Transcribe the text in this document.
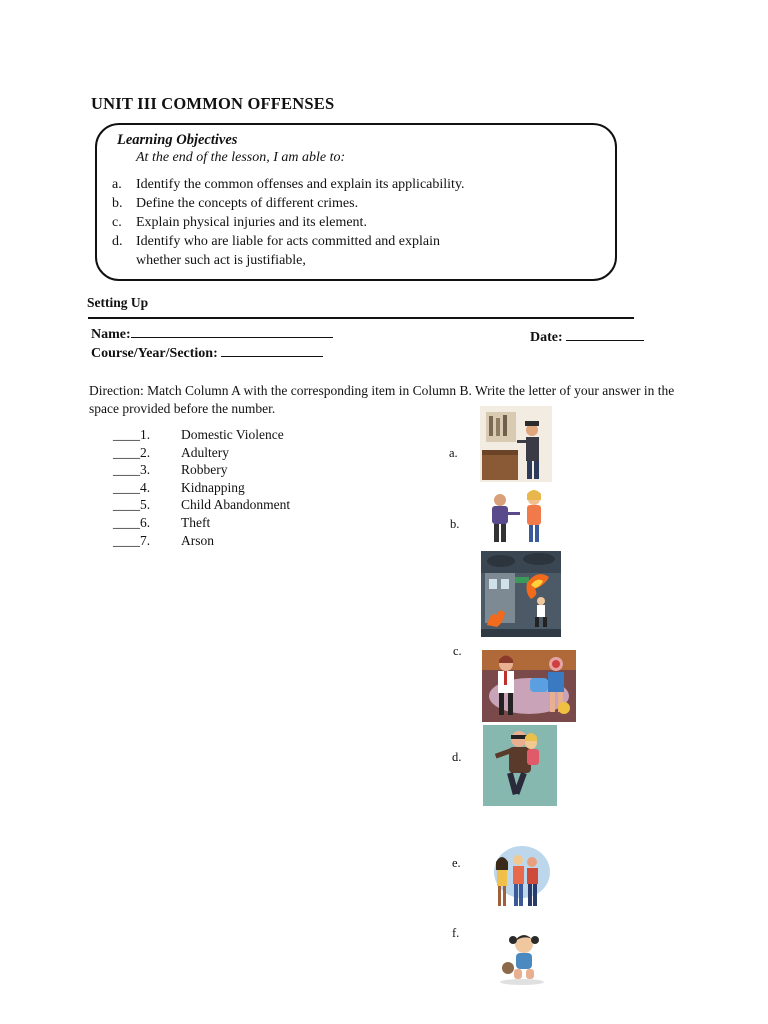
UNIT III COMMON OFFENSES
Learning Objectives
At the end of the lesson, I am able to:
a.	Identify the common offenses and explain its applicability.
b. Define the concepts of different crimes.
c.	Explain physical injuries and its element.
d. Identify who are liable for acts committed and explain whether such act is justifiable,
Setting Up
Name:
Course/Year/Section:
Date:
Direction: Match Column A with the corresponding item in Column B. Write the letter of your answer in the space provided before the number.
____1.	Domestic Violence
____2.	Adultery
____3.	Robbery
____4.	Kidnapping
____5.	Child Abandonment
____6.	Theft
____7.	Arson
a.
b.
c.
d.
e.
f.
